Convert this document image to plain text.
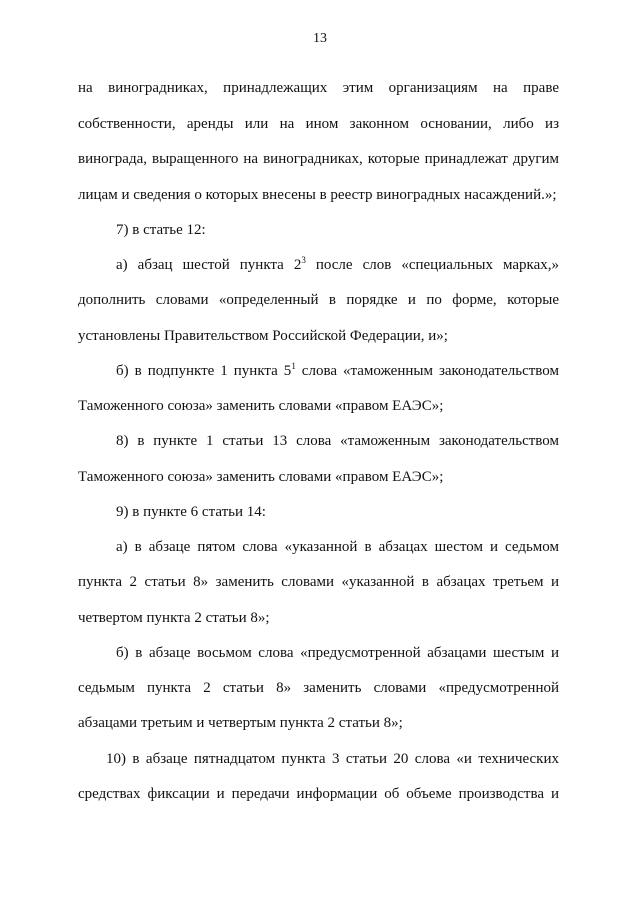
13
на виноградниках, принадлежащих этим организациям на праве
собственности, аренды или на ином законном основании, либо из
винограда, выращенного на виноградниках, которые принадлежат другим
лицам и сведения о которых внесены в реестр виноградных насаждений.»;
7) в статье 12:
а) абзац шестой пункта $2^3$ после слов «специальных марках,»
дополнить словами «определенный в порядке и по форме, которые
установлены Правительством Российской Федерации, и»;
б) в подпункте 1 пункта $5^1$ слова «таможенным законодательством
Таможенного союза» заменить словами «правом ЕАЭС»;
8) в пункте 1 статьи 13 слова «таможенным законодательством
Таможенного союза» заменить словами «правом ЕАЭС»;
9) в пункте 6 статьи 14:
а) в абзаце пятом слова «указанной в абзацах шестом и седьмом
пункта 2 статьи 8» заменить словами «указанной в абзацах третьем и
четвертом пункта 2 статьи 8»;
б) в абзаце восьмом слова «предусмотренной абзацами шестым и
седьмым пункта 2 статьи 8» заменить словами «предусмотренной
абзацами третьим и четвертым пункта 2 статьи 8»;
10) в абзаце пятнадцатом пункта 3 статьи 20 слова «и технических
средствах фиксации и передачи информации об объеме производства и
